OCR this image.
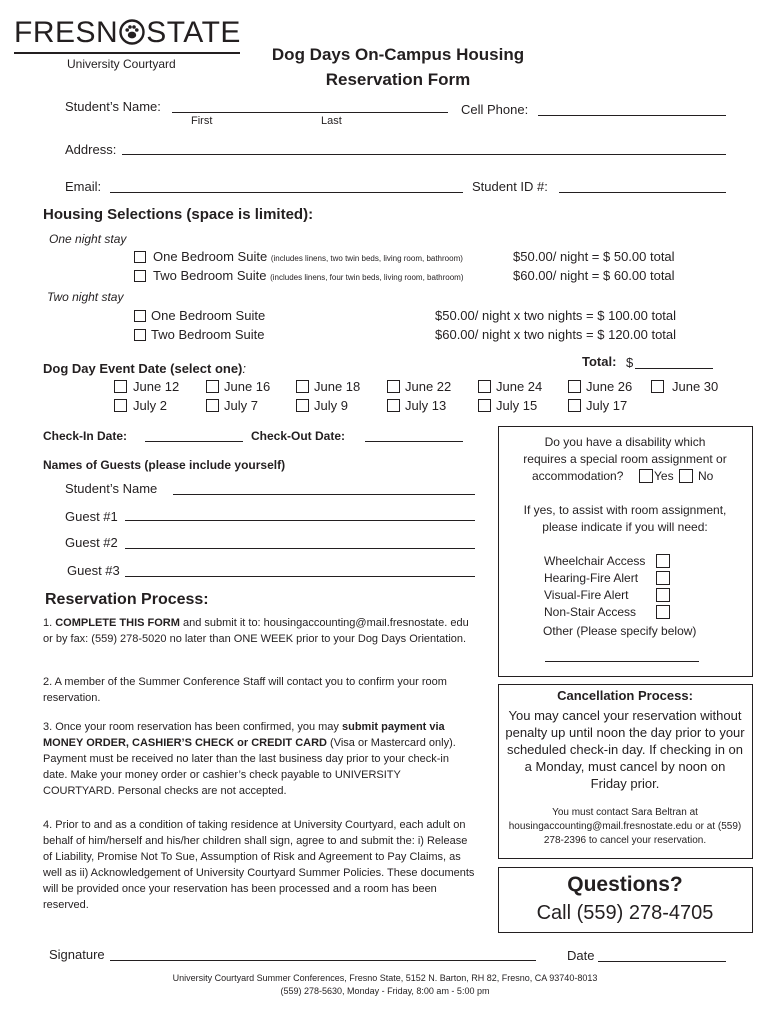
FRESN STATE
University Courtyard	Dog Days On-Campus Housing
Reservation Form
Student’s Name:
First	Last
Cell Phone:
Address:
Email:	Student ID #:
Housing Selections (space is limited):
One night stay
One Bedroom Suite (includes linens, two twin beds, living room, bathroom)	$50.00/ night = $ 50.00 total
Two Bedroom Suite (includes linens, four twin beds, living room, bathroom)	$60.00/ night = $ 60.00 total
Two night stay
One Bedroom Suite	$50.00/ night x two nights = $ 100.00 total
Two Bedroom Suite	$60.00/ night x two nights = $ 120.00 total
Total: $
Dog Day Event Date (select one):
June 12	June 16	June 18	June 22	June 24	June 26	June 30
July 2	July 7	July 9	July 13	July 15	July 17
Check-In Date:	Check-Out Date:
Names of Guests (please include yourself)
Student’s Name
Guest #1
Guest #2
Guest #3
Do you have a disability which
requires a special room assignment or
accommodation?	Yes No
If yes, to assist with room assignment,
please indicate if you will need:
Wheelchair Access
Hearing-Fire Alert
Visual-Fire Alert
Non-Stair Access
Other (Please specify below)
Reservation Process:
1. COMPLETE THIS FORM and submit it to: housingaccounting@mail.fresnostate. edu or by fax: (559) 278-5020 no later than ONE WEEK prior to your Dog Days Orientation.
2. A member of the Summer Conference Staff will contact you to confirm your room reservation.
3. Once your room reservation has been confirmed, you may submit payment via MONEY ORDER, CASHIER’S CHECK or CREDIT CARD (Visa or Mastercard only). Payment must be received no later than the last business day prior to your check-in date. Make your money order or cashier’s check payable to UNIVERSITY COURTYARD. Personal checks are not accepted.
4. Prior to and as a condition of taking residence at University Courtyard, each adult on behalf of him/herself and his/her children shall sign, agree to and submit the: i) Release of Liability, Promise Not To Sue, Assumption of Risk and Agreement to Pay Claims, as well as ii) Acknowledgement of University Courtyard Summer Policies. These documents will be provided once your reservation has been processed and a room has been reserved.
Cancellation Process:
You may cancel your reservation without penalty up until noon the day prior to your scheduled check-in day. If checking in on a Monday, must cancel by noon on Friday prior.
You must contact Sara Beltran at housingaccounting@mail.fresnostate.edu or at (559) 278-2396 to cancel your reservation.
Questions?
Call (559) 278-4705
Signature	Date
University Courtyard Summer Conferences, Fresno State, 5152 N. Barton, RH 82, Fresno, CA 93740-8013
(559) 278-5630, Monday - Friday, 8:00 am - 5:00 pm
